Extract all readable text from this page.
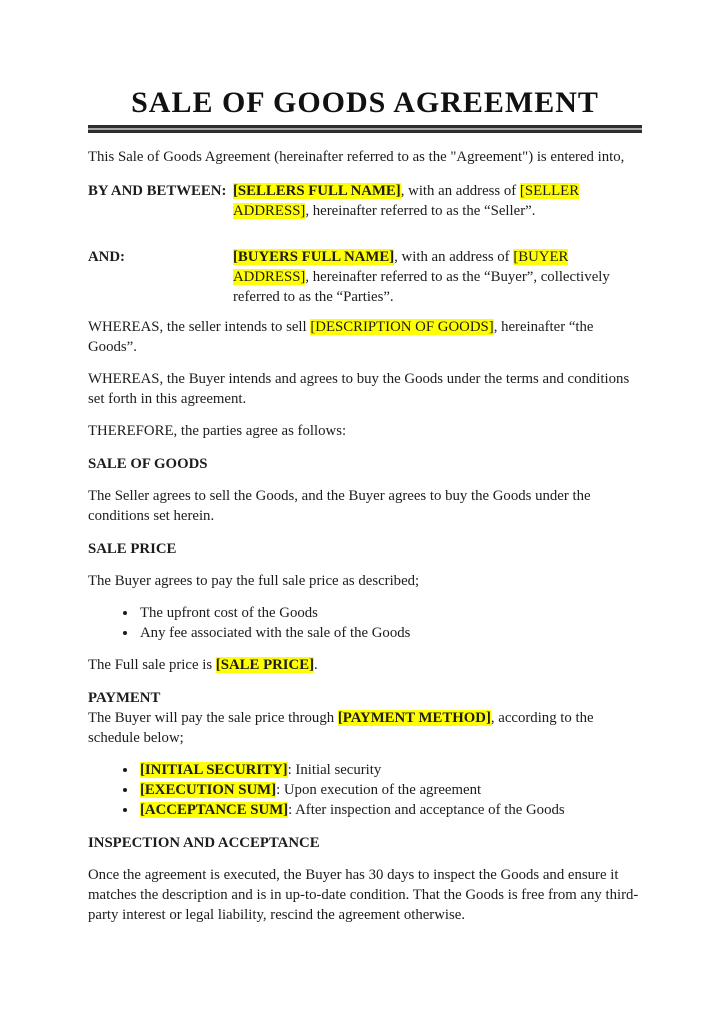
SALE OF GOODS AGREEMENT

This Sale of Goods Agreement (hereinafter referred to as the "Agreement") is entered into,

BY AND BETWEEN: [SELLERS FULL NAME], with an address of [SELLER ADDRESS], hereinafter referred to as the “Seller”.
AND:	[BUYERS FULL NAME], with an address of [BUYER ADDRESS], hereinafter referred to as the “Buyer”, collectively referred to as the “Parties”.

WHEREAS, the seller intends to sell [DESCRIPTION OF GOODS], hereinafter “the Goods”.

WHEREAS, the Buyer intends and agrees to buy the Goods under the terms and conditions set forth in this agreement.

THEREFORE, the parties agree as follows:

SALE OF GOODS

The Seller agrees to sell the Goods, and the Buyer agrees to buy the Goods under the conditions set herein.

SALE PRICE

The Buyer agrees to pay the full sale price as described;

• The upfront cost of the Goods
• Any fee associated with the sale of the Goods

The Full sale price is [SALE PRICE].

PAYMENT

The Buyer will pay the sale price through [PAYMENT METHOD], according to the schedule below;

• [INITIAL SECURITY]: Initial security
• [EXECUTION SUM]: Upon execution of the agreement
• [ACCEPTANCE SUM]: After inspection and acceptance of the Goods
INSPECTION AND ACCEPTANCE

Once the agreement is executed, the Buyer has 30 days to inspect the Goods and ensure it matches the description and is in up-to-date condition. That the Goods is free from any third-party interest or legal liability, rescind the agreement otherwise.
